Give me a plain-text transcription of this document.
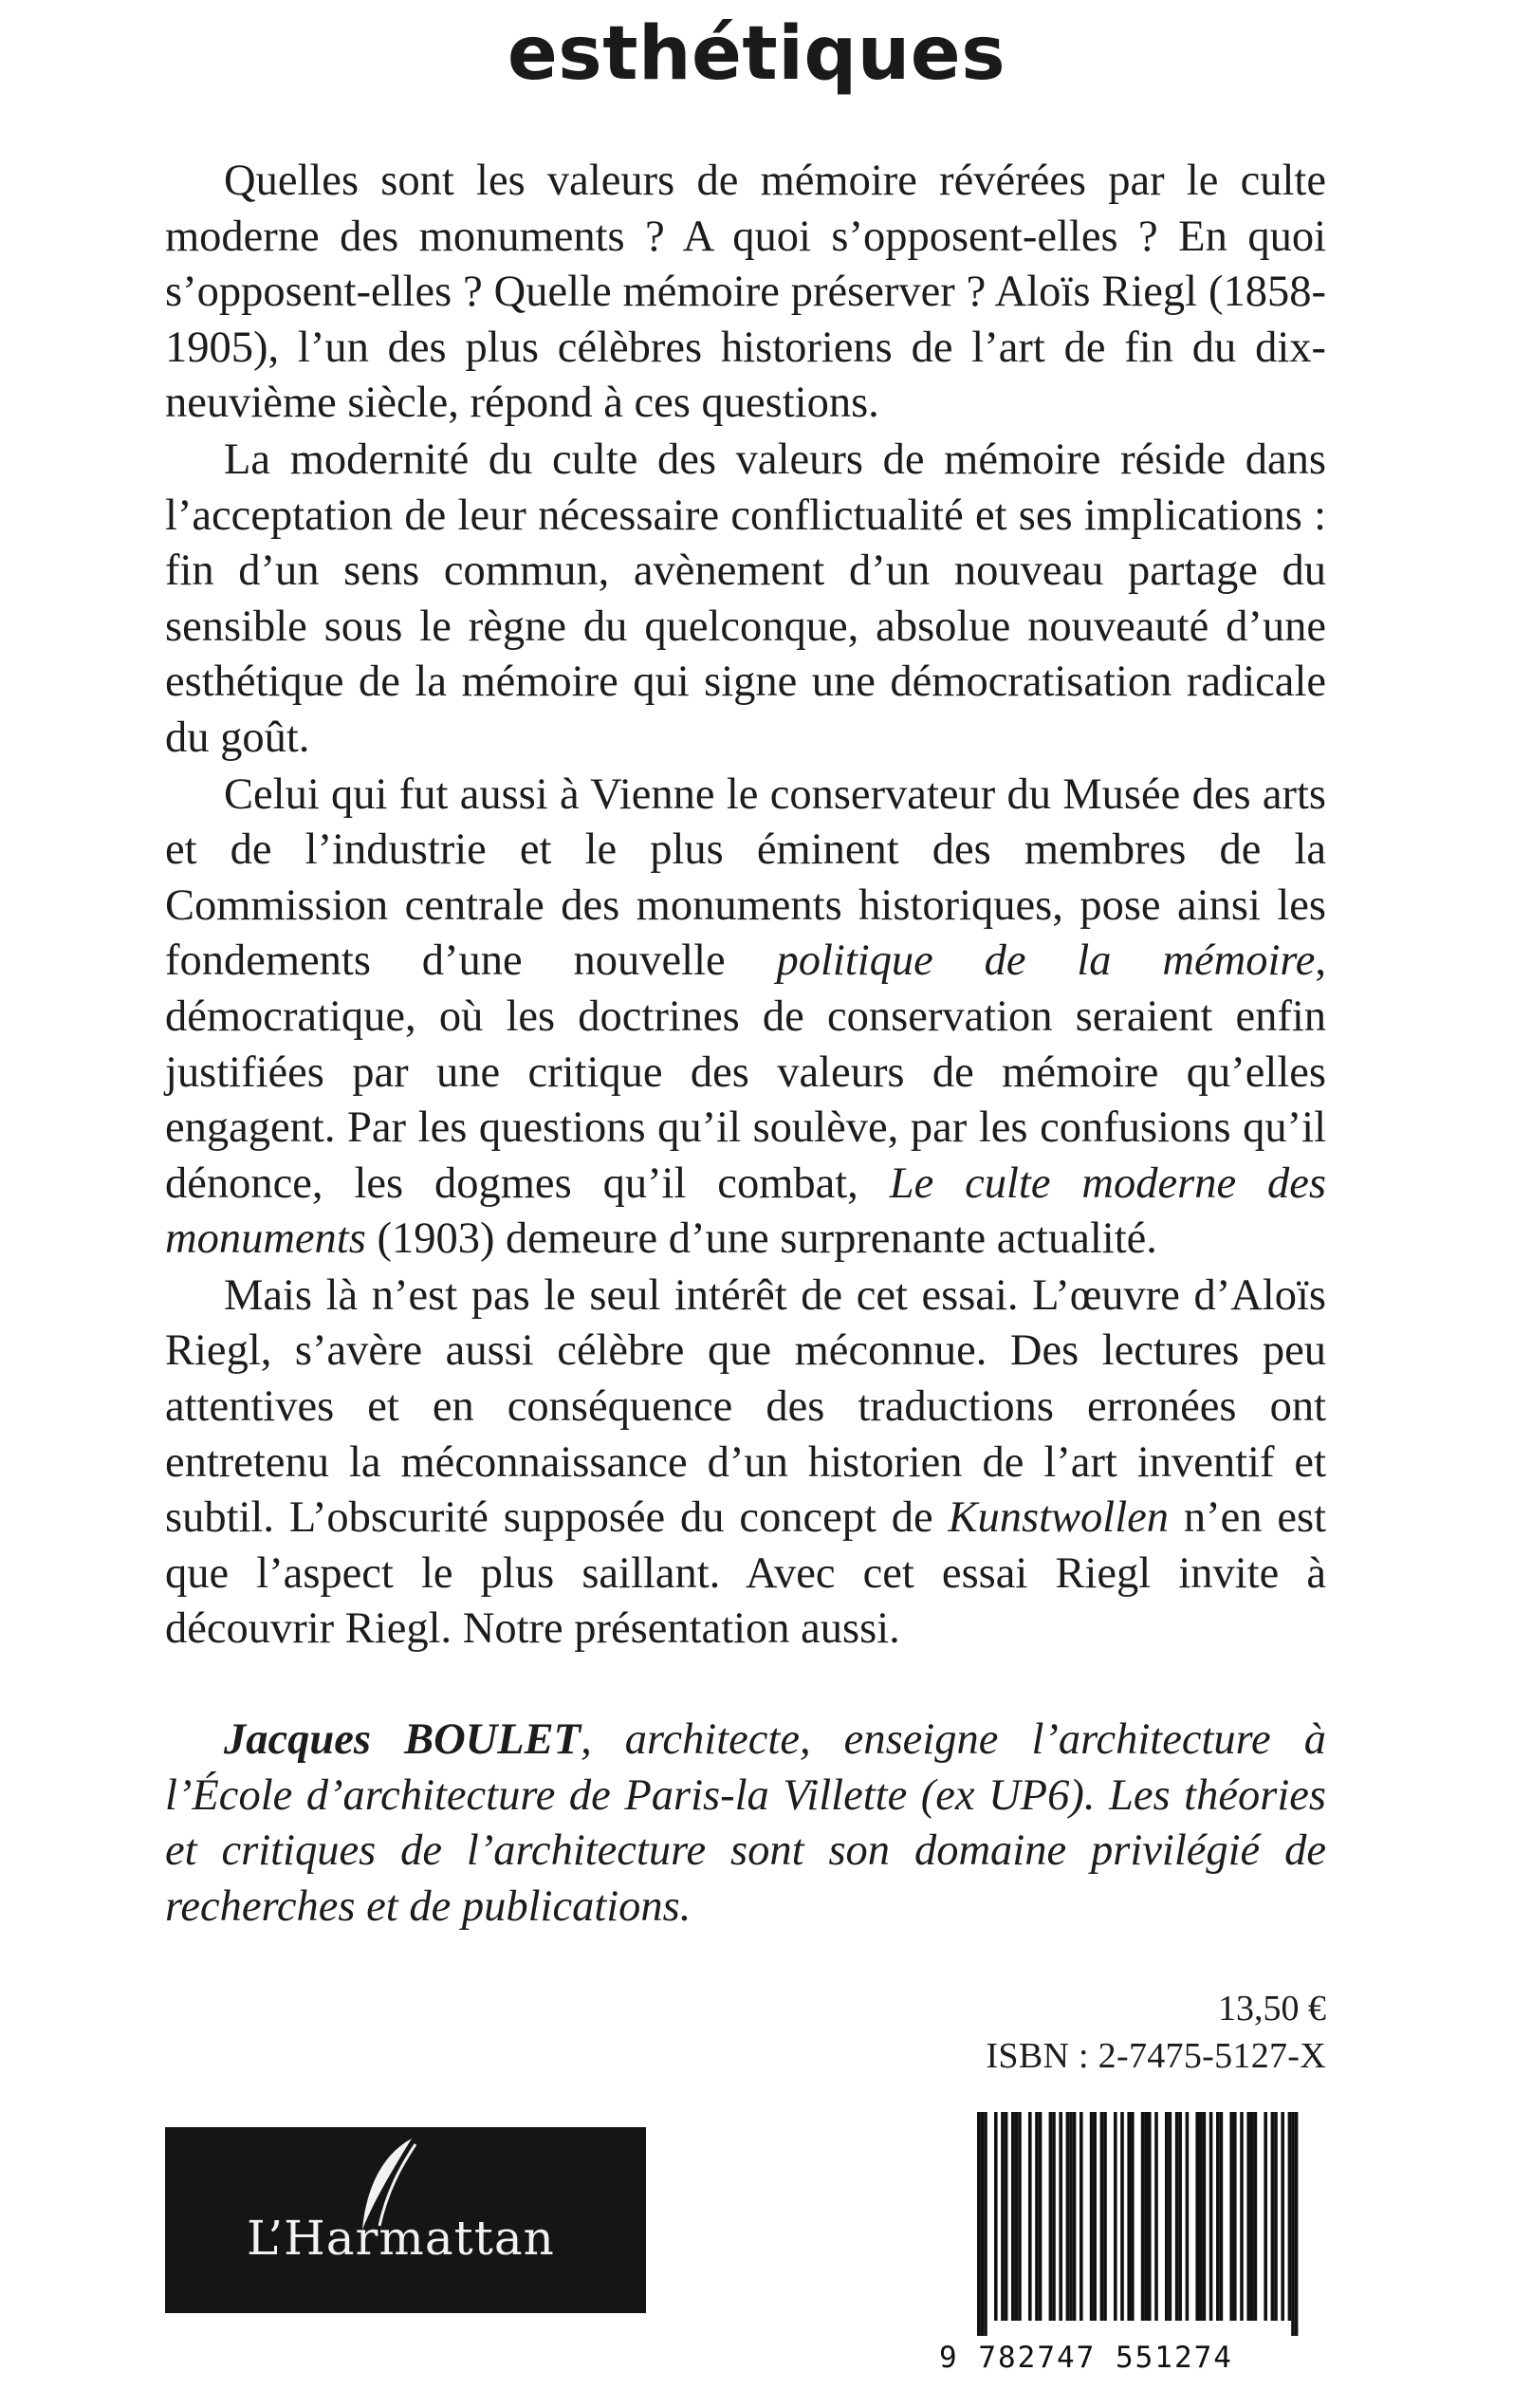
esthétiques

Quelles sont les valeurs de mémoire révérées par le culte moderne des monuments ? A quoi s’opposent-elles ? En quoi s’opposent-elles ? Quelle mémoire préserver ? Aloïs Riegl (1858-1905), l’un des plus célèbres historiens de l’art de fin du dix-neuvième siècle, répond à ces questions.

La modernité du culte des valeurs de mémoire réside dans l’acceptation de leur nécessaire conflictualité et ses implications : fin d’un sens commun, avènement d’un nouveau partage du sensible sous le règne du quelconque, absolue nouveauté d’une esthétique de la mémoire qui signe une démocratisation radicale du goût.

Celui qui fut aussi à Vienne le conservateur du Musée des arts et de l’industrie et le plus éminent des membres de la Commission centrale des monuments historiques, pose ainsi les fondements d’une nouvelle politique de la mémoire, démocratique, où les doctrines de conservation seraient enfin justifiées par une critique des valeurs de mémoire qu’elles engagent. Par les questions qu’il soulève, par les confusions qu’il dénonce, les dogmes qu’il combat, Le culte moderne des monuments (1903) demeure d’une surprenante actualité.

Mais là n’est pas le seul intérêt de cet essai. L’œuvre d’Aloïs Riegl, s’avère aussi célèbre que méconnue. Des lectures peu attentives et en conséquence des traductions erronées ont entretenu la méconnaissance d’un historien de l’art inventif et subtil. L’obscurité supposée du concept de Kunstwollen n’en est que l’aspect le plus saillant. Avec cet essai Riegl invite à découvrir Riegl. Notre présentation aussi.

Jacques BOULET, architecte, enseigne l’architecture à l’École d’architecture de Paris-la Villette (ex UP6). Les théories et critiques de l’architecture sont son domaine privilégié de recherches et de publications.

13,50 €
ISBN : 2-7475-5127-X
L’Harmattan
9 782747 551274
